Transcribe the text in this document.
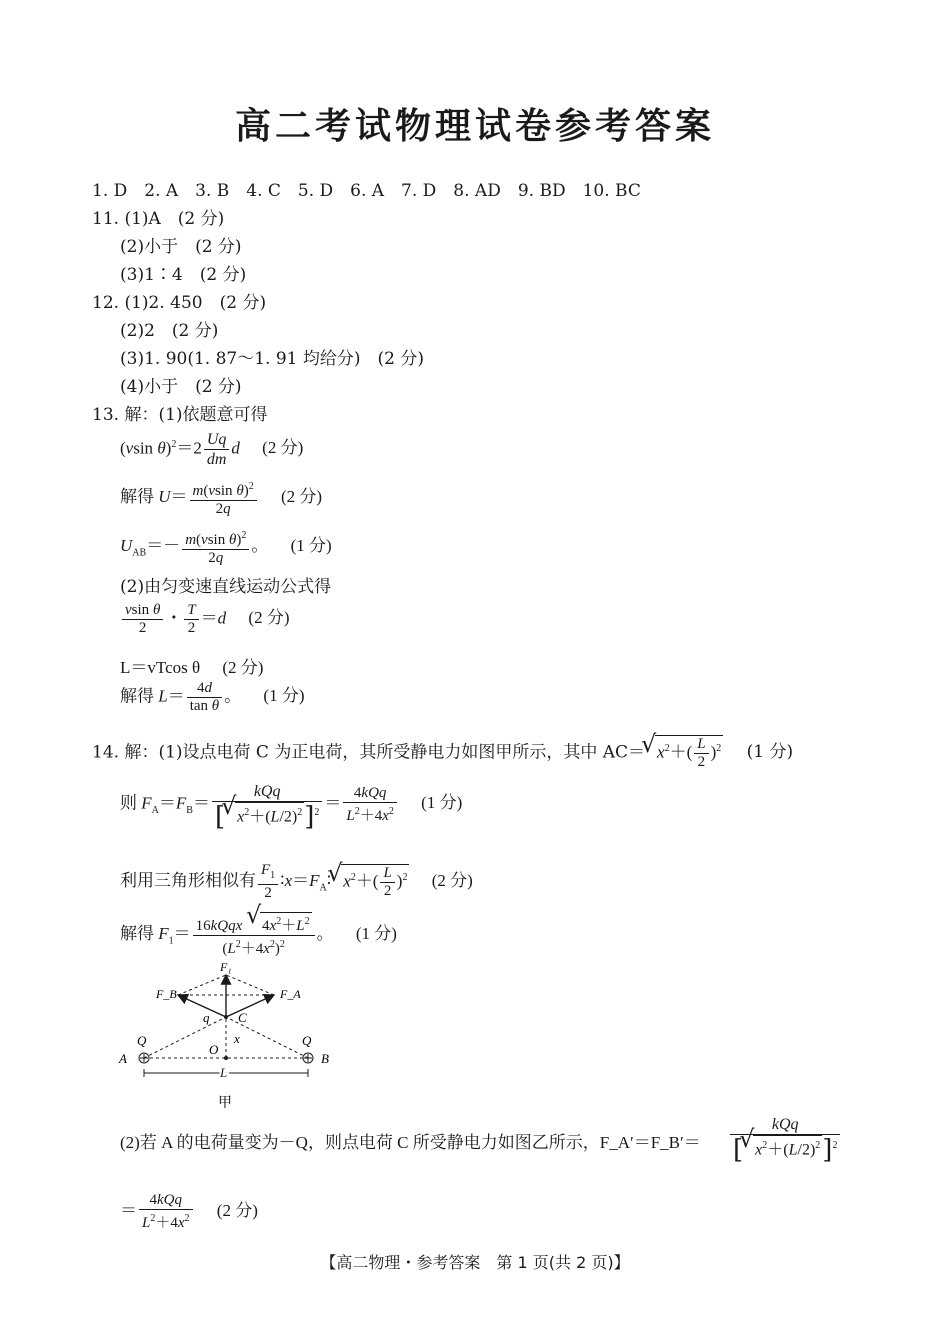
高二考试物理试卷参考答案
1. D　2. A　3. B　4. C　5. D　6. A　7. D　8. AD　9. BD　10. BC
11. (1)A　(2 分)
(2)小于　(2 分)
(3)1∶4　(2 分)
12. (1)2. 450　(2 分)
(2)2　(2 分)
(3)1. 90(1. 87～1. 91 均给分)　(2 分)
(4)小于　(2 分)
13. 解：(1)依题意可得
(vsin $\theta)^2=2 \frac{Uq}{dm}$ d (2 分)
解得 $U= \frac{m(vsin \theta)^2}{2q} (2$ 分)
$U_{AB}=- \frac{m(vsin \theta)^2}{2q}$ 。 (1 分)
(2)由匀变速直线运动公式得
$\frac{\text{vsin θ}}{2}$ ・ $\frac{T}{2} =d$ (2 分)
L＝vTcos θ (2 分)
解得 $L= \frac{4d}{\text{tan θ}}$ 。 (1 分)
14. 解：(1)设点电荷 C 为正电荷，其所受静电力如图甲所示，其中 AC＝√ $x^2+( \frac{L}{2} )^2$ (1 分)
则 $F_A=F_B= \frac{\text{kQq}}{[√ x^2+(L/2)^2]^2} = \frac{\text{4kQq}}{L^2+4x^2} (1$ 分)
利用三角形相似有 $\frac{F_1}{2}$ $∶x=F_A∶√$ $x^2+( \frac{L}{2} )^2$ (2 分)
解得 $F_1= \frac{16kQqx √ 4x^2+L^2}{(L^2+4x^2)^2}$ 。 (1 分)
F₁
F_B	F_A
q C
x
Q	Q
A
O
B
L
甲
(2)若 A 的电荷量变为－Q，则点电荷 C 所受静电力如图乙所示，F_A′＝F_B′＝ $\frac{\text{kQq}}{[√ x^2+(L/2)^2]^2}$
＝ $\frac{\text{4kQq}}{L^2+4x^2} (2$ 分)
【高二物理・参考答案　第 1 页(共 2 页)】
